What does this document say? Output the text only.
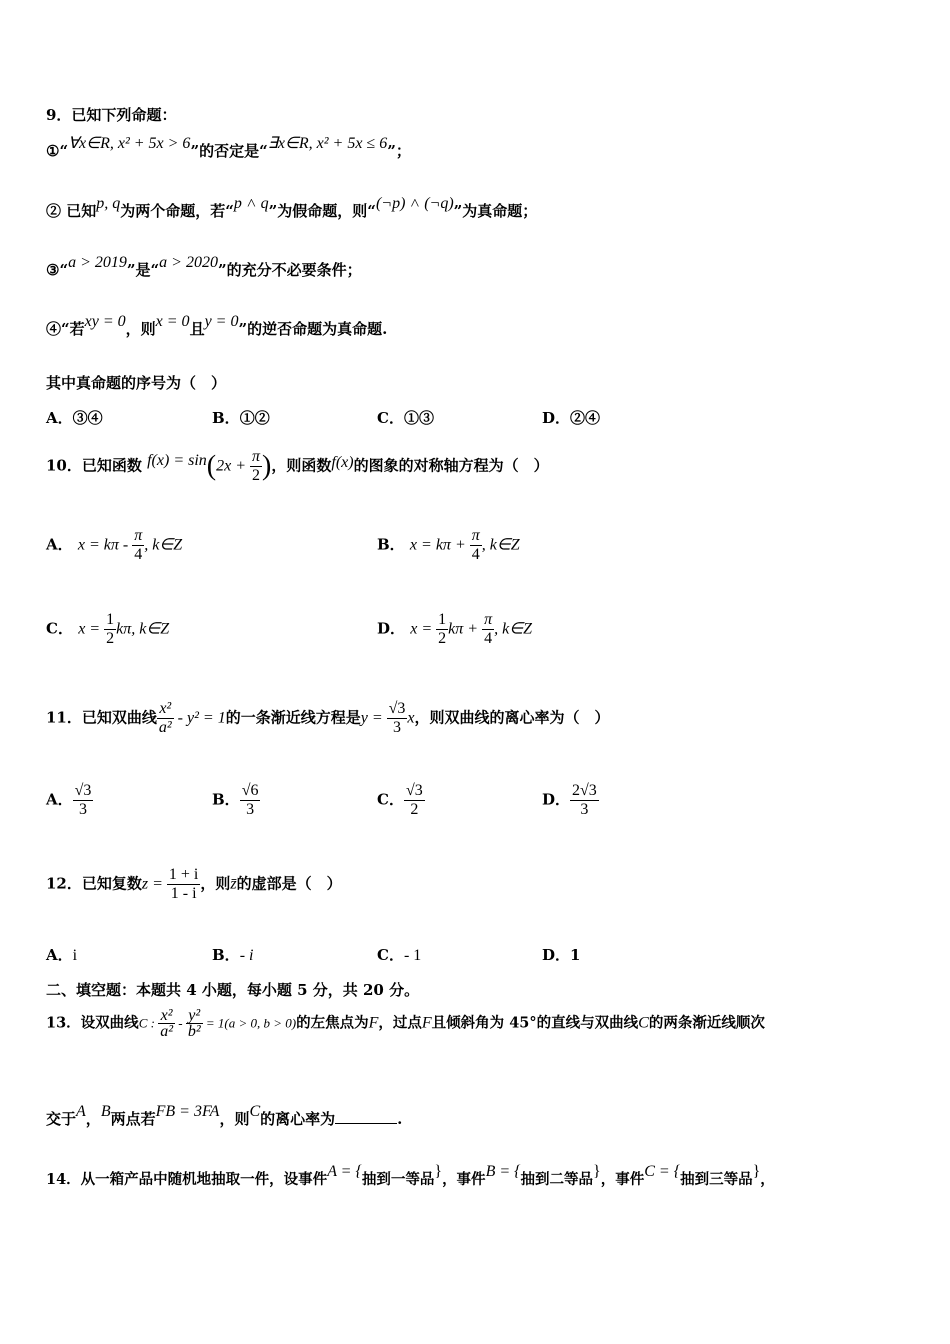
9．已知下列命题：
①“∀x∈R, x² + 5x > 6”的否定是“∃x∈R, x² + 5x ≤ 6”；
② 已知p, q为两个命题，若“p ˄ q”为假命题，则“(¬p) ˄ (¬q)”为真命题；
③“a > 2019”是“a > 2020”的充分不必要条件；
④“若xy = 0，则x = 0且y = 0”的逆否命题为真命题.
其中真命题的序号为（　）
A．③④	B．①②	C．①③	D．②④
10．已知函数 $f(x) = \sin(2x + \frac{\pi}{2}$ )，则函数f(x)的图象的对称轴方程为（　）
A． $x = k\pi - \frac{\pi}{4}$ , k∈Z	B． $x = k\pi + \frac{\pi}{4}$ , k∈Z
C． $x = \frac{1}{2} k\pi$, k∈Z	D． $x = \frac{1}{2}$ $k\pi + \frac{\pi}{4}$ , k∈Z
11．已知双曲线 $\frac{\text{x²}}{\text{a²}} - y^2 = 1$的一条渐近线方程是$y = \frac{√3}{3}$ x，则双曲线的离心率为（　）
A． $\frac{√3}{3}$	B． $\frac{√6}{3}$	C． $\frac{√3}{2}$	D． $\frac{2√3}{3}$
12．已知复数$z = \frac{1 + i}{1 - i}$ ，则z̄的虚部是（　）
A．i	B．- i	C．- 1	D．1
二、填空题：本题共 4 小题，每小题 5 分，共 20 分。
13．设双曲线C : $\frac{\text{x²}}{\text{a²}} - \frac{\text{y²}}{\text{b²}} = 1(a > 0$, b > 0)的左焦点为F，过点F且倾斜角为 45°的直线与双曲线C的两条渐近线顺次
交于A，B两点若FB = 3FA，则C的离心率为	.
14．从一箱产品中随机地抽取一件，设事件A = {抽到一等品}，事件B = {抽到二等品}，事件C = {抽到三等品}，
